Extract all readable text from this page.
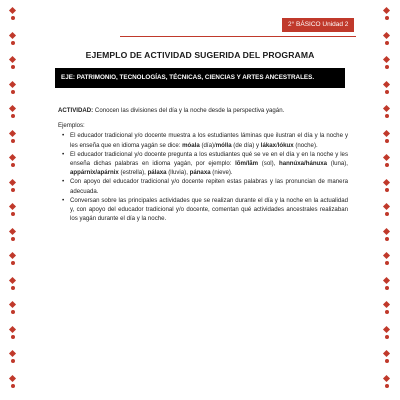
2° BÁSICO Unidad 2
EJEMPLO DE ACTIVIDAD SUGERIDA DEL PROGRAMA
EJE: PATRIMONIO, TECNOLOGÍAS, TÉCNICAS, CIENCIAS Y ARTES ANCESTRALES.

ACTIVIDAD: Conocen las divisiones del día y la noche desde la perspectiva yagán.

Ejemplos:

• El educador tradicional y/o docente muestra a los estudiantes láminas que ilustran el día y la noche y les enseña que en idioma yagán se dice: móala (día)/mólla (de día) y lákax/lókux (noche).
• El educador tradicional y/o docente pregunta a los estudiantes qué se ve en el día y en la noche y les enseña dichas palabras en idioma yagán, por ejemplo: lõm/lãm (sol), hannúxa/hánuxa (luna), appárnix/apárnix (estrella), pálaxa (lluvia), pánaxa (nieve).
• Con apoyo del educador tradicional y/o docente repiten estas palabras y las pronuncian de manera adecuada.
• Conversan sobre las principales actividades que se realizan durante el día y la noche en la actualidad y, con apoyo del educador tradicional y/o docente, comentan qué actividades ancestrales realizaban los yagán durante el día y la noche.
